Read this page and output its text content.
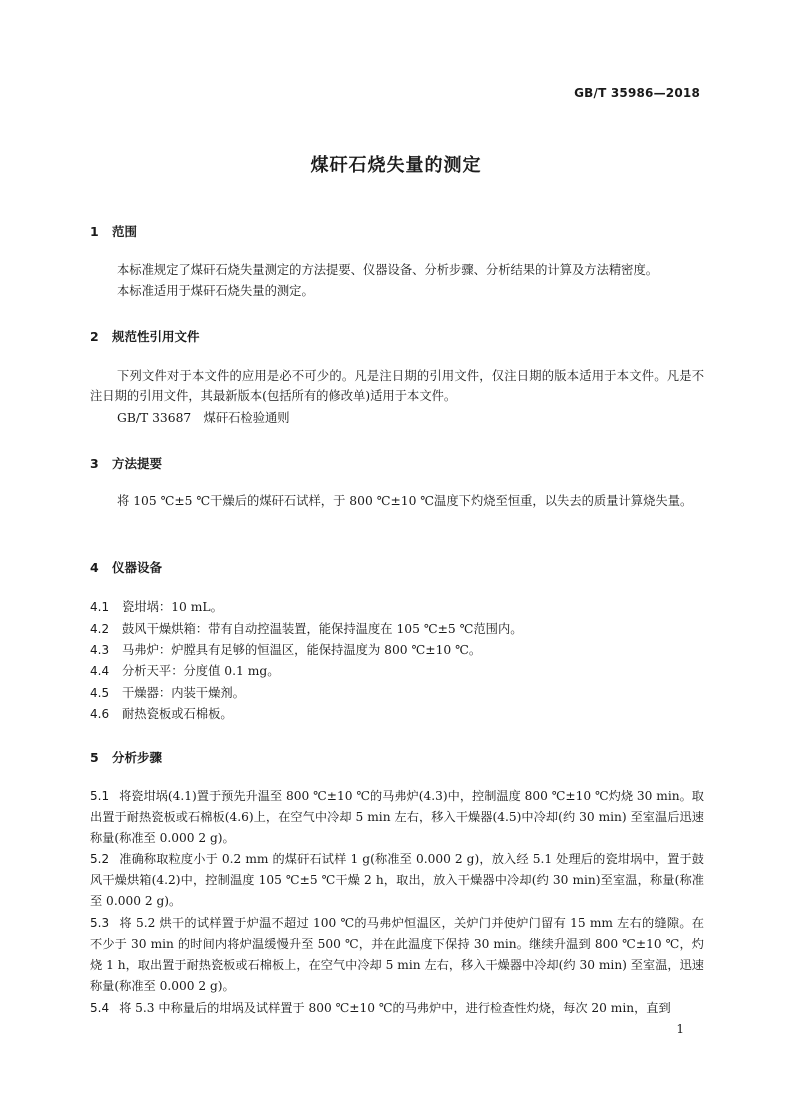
GB/T 35986—2018
煤矸石烧失量的测定
1 范围
本标准规定了煤矸石烧失量测定的方法提要、仪器设备、分析步骤、分析结果的计算及方法精密度。
本标准适用于煤矸石烧失量的测定。
2 规范性引用文件
下列文件对于本文件的应用是必不可少的。凡是注日期的引用文件，仅注日期的版本适用于本文件。凡是不注日期的引用文件，其最新版本(包括所有的修改单)适用于本文件。
GB/T 33687　煤矸石检验通则
3 方法提要
将 105 ℃±5 ℃干燥后的煤矸石试样，于 800 ℃±10 ℃温度下灼烧至恒重，以失去的质量计算烧失量。
4 仪器设备
4.1 瓷坩埚：10 mL。
4.2 鼓风干燥烘箱：带有自动控温装置，能保持温度在 105 ℃±5 ℃范围内。
4.3 马弗炉：炉膛具有足够的恒温区，能保持温度为 800 ℃±10 ℃。
4.4 分析天平：分度值 0.1 mg。
4.5 干燥器：内装干燥剂。
4.6 耐热瓷板或石棉板。
5 分析步骤
5.1 将瓷坩埚(4.1)置于预先升温至 800 ℃±10 ℃的马弗炉(4.3)中，控制温度 800 ℃±10 ℃灼烧 30 min。取出置于耐热瓷板或石棉板(4.6)上，在空气中冷却 5 min 左右，移入干燥器(4.5)中冷却(约 30 min) 至室温后迅速称量(称准至 0.000 2 g)。
5.2 准确称取粒度小于 0.2 mm 的煤矸石试样 1 g(称准至 0.000 2 g)，放入经 5.1 处理后的瓷坩埚中，置于鼓风干燥烘箱(4.2)中，控制温度 105 ℃±5 ℃干燥 2 h，取出，放入干燥器中冷却(约 30 min)至室温，称量(称准至 0.000 2 g)。
5.3 将 5.2 烘干的试样置于炉温不超过 100 ℃的马弗炉恒温区，关炉门并使炉门留有 15 mm 左右的缝隙。在不少于 30 min 的时间内将炉温缓慢升至 500 ℃，并在此温度下保持 30 min。继续升温到 800 ℃±10 ℃，灼烧 1 h，取出置于耐热瓷板或石棉板上，在空气中冷却 5 min 左右，移入干燥器中冷却(约 30 min) 至室温，迅速称量(称准至 0.000 2 g)。
5.4 将 5.3 中称量后的坩埚及试样置于 800 ℃±10 ℃的马弗炉中，进行检查性灼烧，每次 20 min，直到
1
